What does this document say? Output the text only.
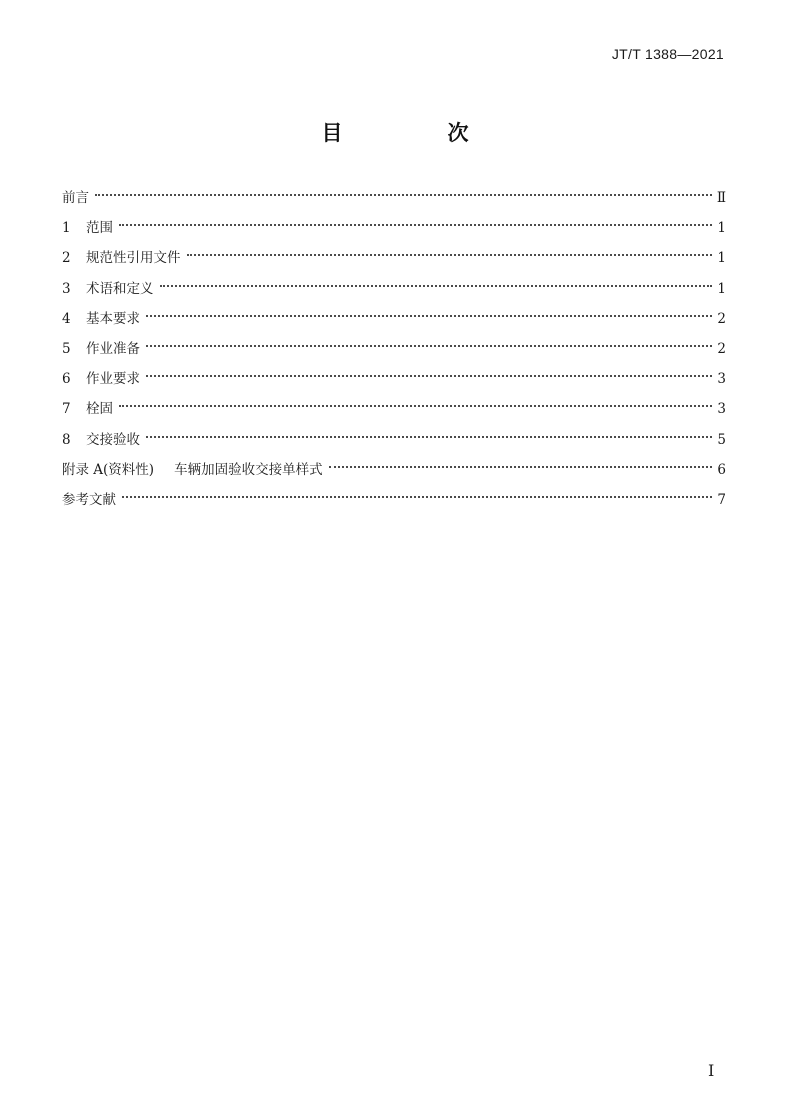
JT/T 1388—2021
目　次
前言	Ⅱ
1	范围	1
2	规范性引用文件	1
3	术语和定义	1
4	基本要求	2
5	作业准备	2
6	作业要求	3
7	栓固	3
8	交接验收	5
附录 A(资料性) 车辆加固验收交接单样式	6
参考文献	7
I
